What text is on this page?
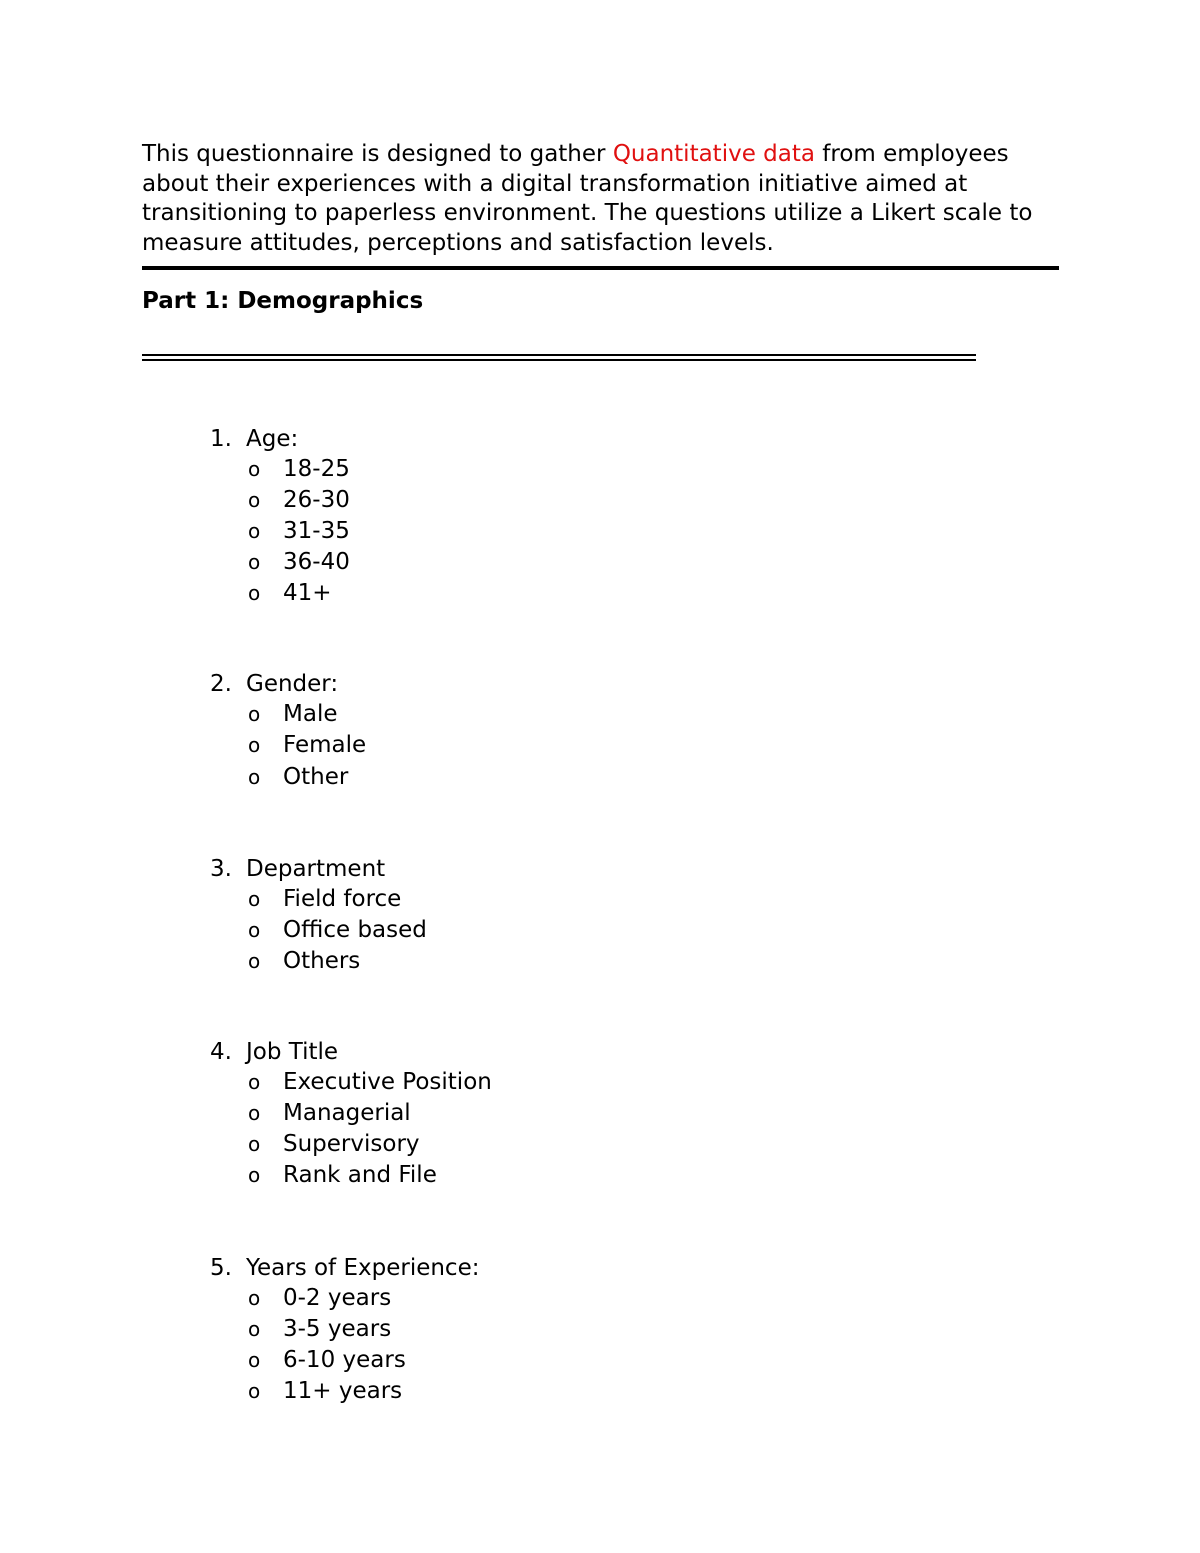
This questionnaire is designed to gather Quantitative data from employees about their experiences with a digital transformation initiative aimed at transitioning to paperless environment. The questions utilize a Likert scale to measure attitudes, perceptions and satisfaction levels.

Part 1: Demographics
1. Age:
o 18-25
o 26-30
o 31-35
o 36-40
o 41+
2. Gender:
o Male
o Female
o Other
3. Department
o Field force
o Office based
o Others
4. Job Title
o Executive Position
o Managerial
o Supervisory
o Rank and File
5. Years of Experience:
o 0-2 years
o 3-5 years
o 6-10 years
o 11+ years
